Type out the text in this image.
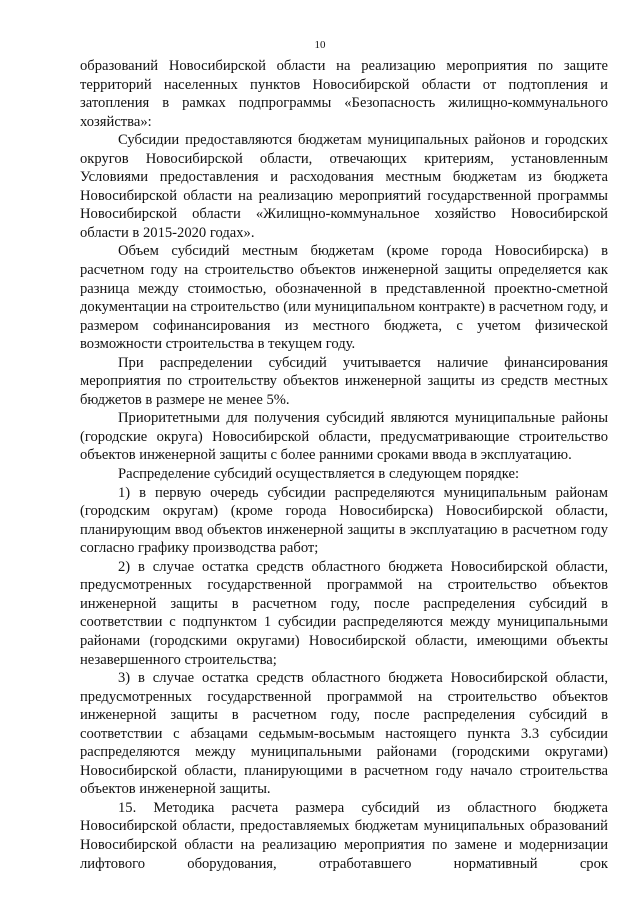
10

образований Новосибирской области на реализацию мероприятия по защите территорий населенных пунктов Новосибирской области от подтопления и затопления в рамках подпрограммы «Безопасность жилищно-коммунального хозяйства»:

Субсидии предоставляются бюджетам муниципальных районов и городских округов Новосибирской области, отвечающих критериям, установленным Условиями предоставления и расходования местным бюджетам из бюджета Новосибирской области на реализацию мероприятий государственной программы Новосибирской области «Жилищно-коммунальное хозяйство Новосибирской области в 2015-2020 годах».

Объем субсидий местным бюджетам (кроме города Новосибирска) в расчетном году на строительство объектов инженерной защиты определяется как разница между стоимостью, обозначенной в представленной проектно-сметной документации на строительство (или муниципальном контракте) в расчетном году, и размером софинансирования из местного бюджета, с учетом физической возможности строительства в текущем году.

При распределении субсидий учитывается наличие финансирования мероприятия по строительству объектов инженерной защиты из средств местных бюджетов в размере не менее 5%.

Приоритетными для получения субсидий являются муниципальные районы (городские округа) Новосибирской области, предусматривающие строительство объектов инженерной защиты с более ранними сроками ввода в эксплуатацию.

Распределение субсидий осуществляется в следующем порядке:

1) в первую очередь субсидии распределяются муниципальным районам (городским округам) (кроме города Новосибирска) Новосибирской области, планирующим ввод объектов инженерной защиты в эксплуатацию в расчетном году согласно графику производства работ;

2) в случае остатка средств областного бюджета Новосибирской области, предусмотренных государственной программой на строительство объектов инженерной защиты в расчетном году, после распределения субсидий в соответствии с подпунктом 1 субсидии распределяются между муниципальными районами (городскими округами) Новосибирской области, имеющими объекты незавершенного строительства;

3) в случае остатка средств областного бюджета Новосибирской области, предусмотренных государственной программой на строительство объектов инженерной защиты в расчетном году, после распределения субсидий в соответствии с абзацами седьмым-восьмым настоящего пункта 3.3 субсидии распределяются между муниципальными районами (городскими округами) Новосибирской области, планирующими в расчетном году начало строительства объектов инженерной защиты.

15. Методика расчета размера субсидий из областного бюджета Новосибирской области, предоставляемых бюджетам муниципальных образований Новосибирской области на реализацию мероприятия по замене и модернизации лифтового оборудования, отработавшего нормативный срок
